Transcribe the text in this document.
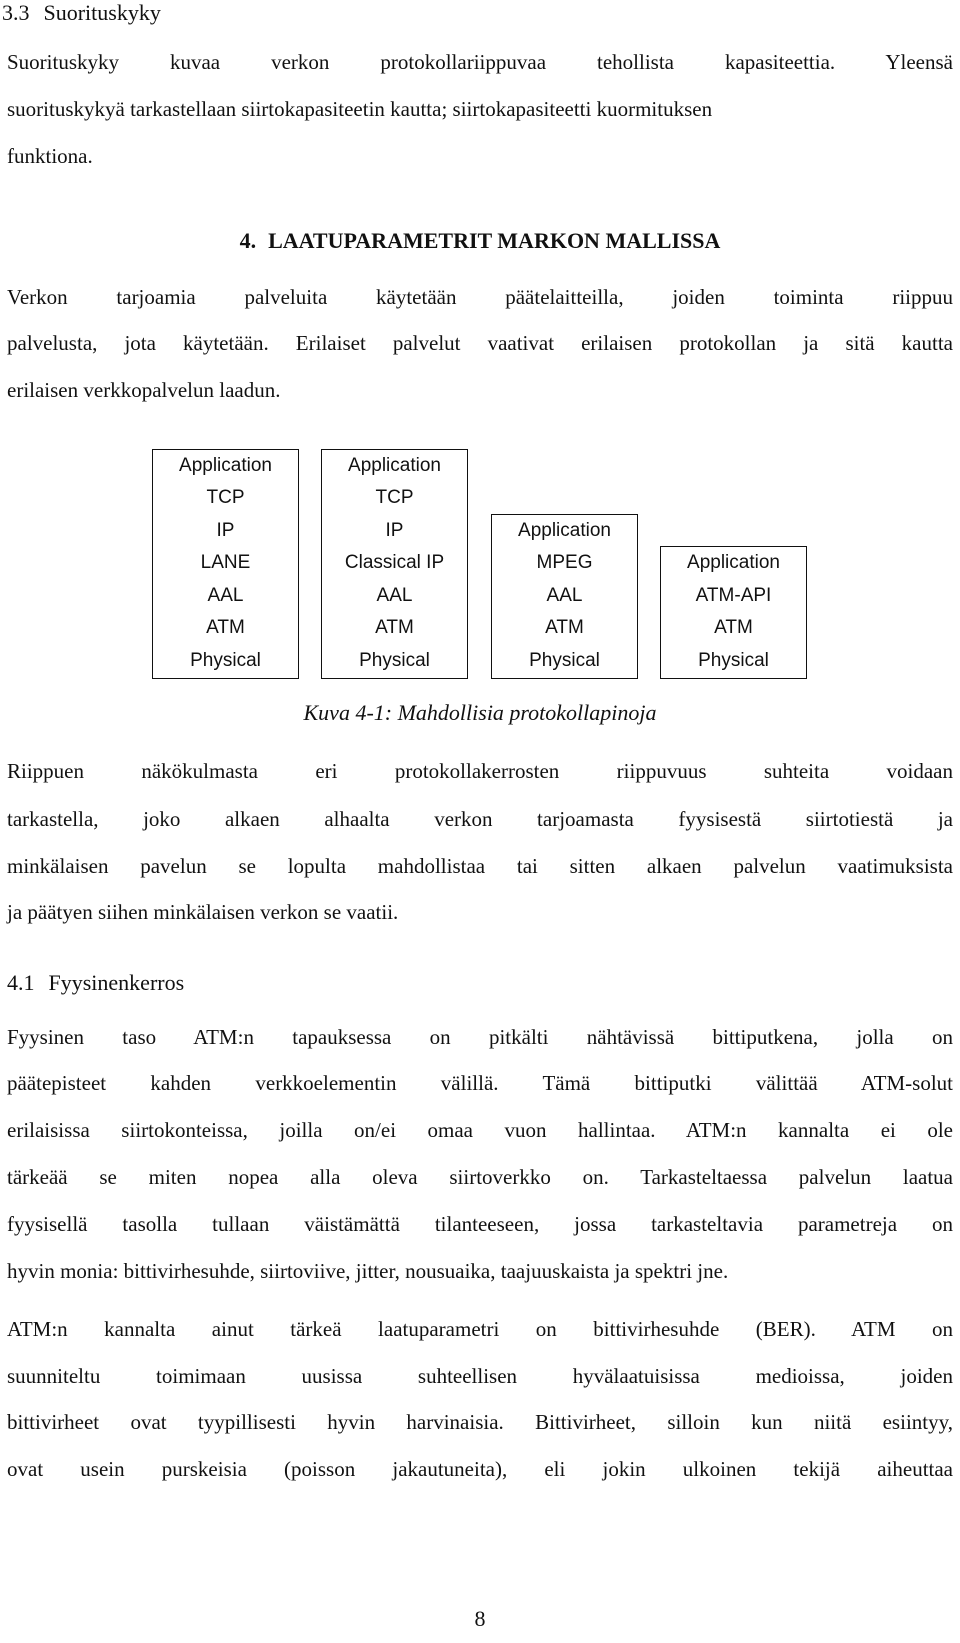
3.3 Suorituskyky
Suorituskyky kuvaa verkon protokollariippuvaa tehollista kapasiteettia. Yleensä
suorituskykyä tarkastellaan siirtokapasiteetin kautta; siirtokapasiteetti kuormituksen
funktiona.
4. LAATUPARAMETRIT MARKON MALLISSA
Verkon tarjoamia palveluita käytetään päätelaitteilla, joiden toiminta riippuu
palvelusta, jota käytetään. Erilaiset palvelut vaativat erilaisen protokollan ja sitä kautta
erilaisen verkkopalvelun laadun.
Application
TCP
IP
LANE
AAL
ATM
Physical
Application
TCP
IP
Classical IP
AAL
ATM
Physical
Application
MPEG
AAL
ATM
Physical
Application
ATM-API
ATM
Physical
Kuva 4-1: Mahdollisia protokollapinoja
Riippuen näkökulmasta eri protokollakerrosten riippuvuus suhteita voidaan
tarkastella, joko alkaen alhaalta verkon tarjoamasta fyysisestä siirtotiestä ja
minkälaisen pavelun se lopulta mahdollistaa tai sitten alkaen palvelun vaatimuksista
ja päätyen siihen minkälaisen verkon se vaatii.
4.1 Fyysinenkerros
Fyysinen taso ATM:n tapauksessa on pitkälti nähtävissä bittiputkena, jolla on
päätepisteet kahden verkkoelementin välillä. Tämä bittiputki välittää ATM-solut
erilaisissa siirtokonteissa, joilla on/ei omaa vuon hallintaa. ATM:n kannalta ei ole
tärkeää se miten nopea alla oleva siirtoverkko on. Tarkasteltaessa palvelun laatua
fyysisellä tasolla tullaan väistämättä tilanteeseen, jossa tarkasteltavia parametreja on
hyvin monia: bittivirhesuhde, siirtoviive, jitter, nousuaika, taajuuskaista ja spektri jne.
ATM:n kannalta ainut tärkeä laatuparametri on bittivirhesuhde (BER). ATM on
suunniteltu toimimaan uusissa suhteellisen hyvälaatuisissa medioissa, joiden
bittivirheet ovat tyypillisesti hyvin harvinaisia. Bittivirheet, silloin kun niitä esiintyy,
ovat usein purskeisia (poisson jakautuneita), eli jokin ulkoinen tekijä aiheuttaa
8
